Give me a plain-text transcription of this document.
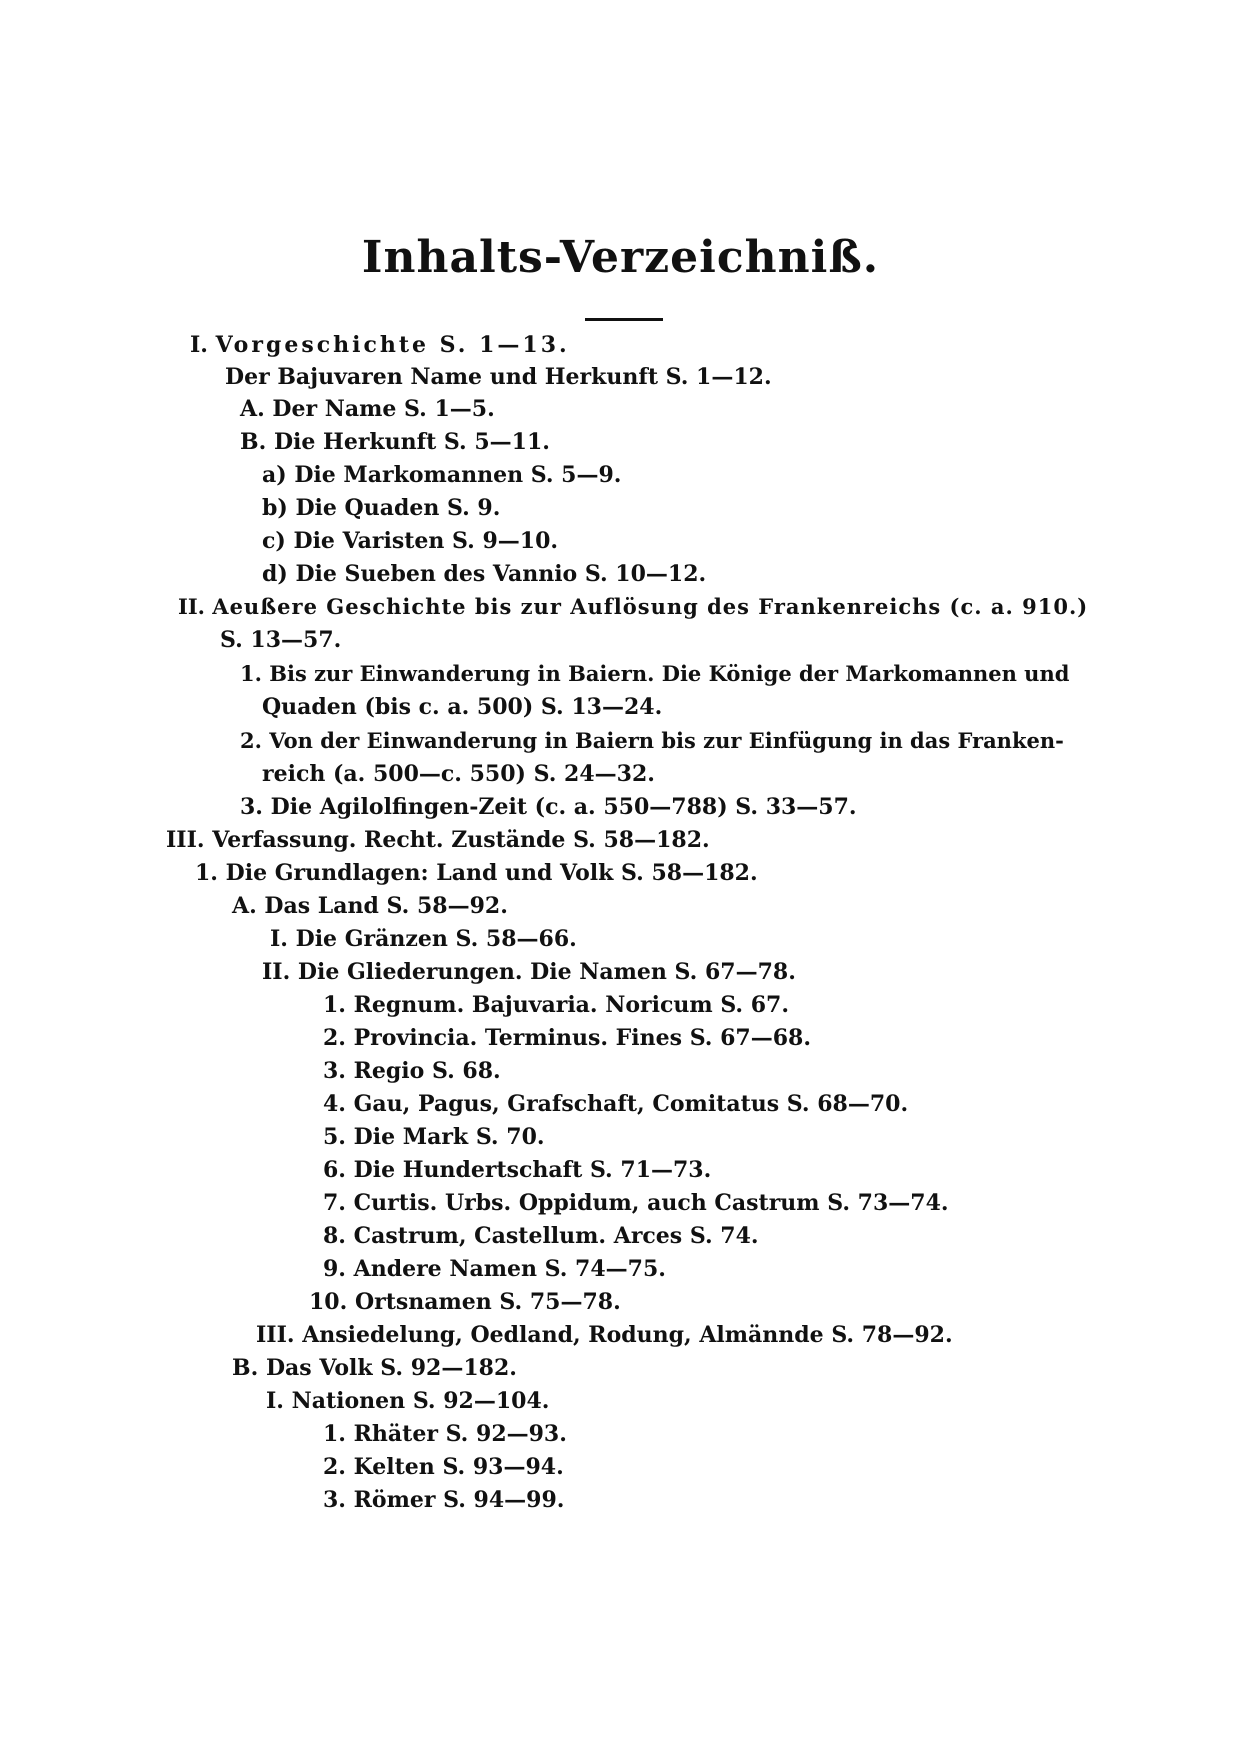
Inhalts-Verzeichniß.
I. Vorgeschichte S. 1—13.
Der Bajuvaren Name und Herkunft S. 1—12.
A. Der Name S. 1—5.
B. Die Herkunft S. 5—11.
a) Die Markomannen S. 5—9.
b) Die Quaden S. 9.
c) Die Varisten S. 9—10.
d) Die Sueben des Vannio S. 10—12.
II. Aeußere Geschichte bis zur Auflösung des Frankenreichs (c. a. 910.)
S. 13—57.
1. Bis zur Einwanderung in Baiern. Die Könige der Markomannen und
Quaden (bis c. a. 500) S. 13—24.
2. Von der Einwanderung in Baiern bis zur Einfügung in das Franken-
reich (a. 500—c. 550) S. 24—32.
3. Die Agilolfingen-Zeit (c. a. 550—788) S. 33—57.
III. Verfassung. Recht. Zustände S. 58—182.
1. Die Grundlagen: Land und Volk S. 58—182.
A. Das Land S. 58—92.
I. Die Gränzen S. 58—66.
II. Die Gliederungen. Die Namen S. 67—78.
1. Regnum. Bajuvaria. Noricum S. 67.
2. Provincia. Terminus. Fines S. 67—68.
3. Regio S. 68.
4. Gau, Pagus, Grafschaft, Comitatus S. 68—70.
5. Die Mark S. 70.
6. Die Hundertschaft S. 71—73.
7. Curtis. Urbs. Oppidum, auch Castrum S. 73—74.
8. Castrum, Castellum. Arces S. 74.
9. Andere Namen S. 74—75.
10. Ortsnamen S. 75—78.
III. Ansiedelung, Oedland, Rodung, Almännde S. 78—92.
B. Das Volk S. 92—182.
I. Nationen S. 92—104.
1. Rhäter S. 92—93.
2. Kelten S. 93—94.
3. Römer S. 94—99.
